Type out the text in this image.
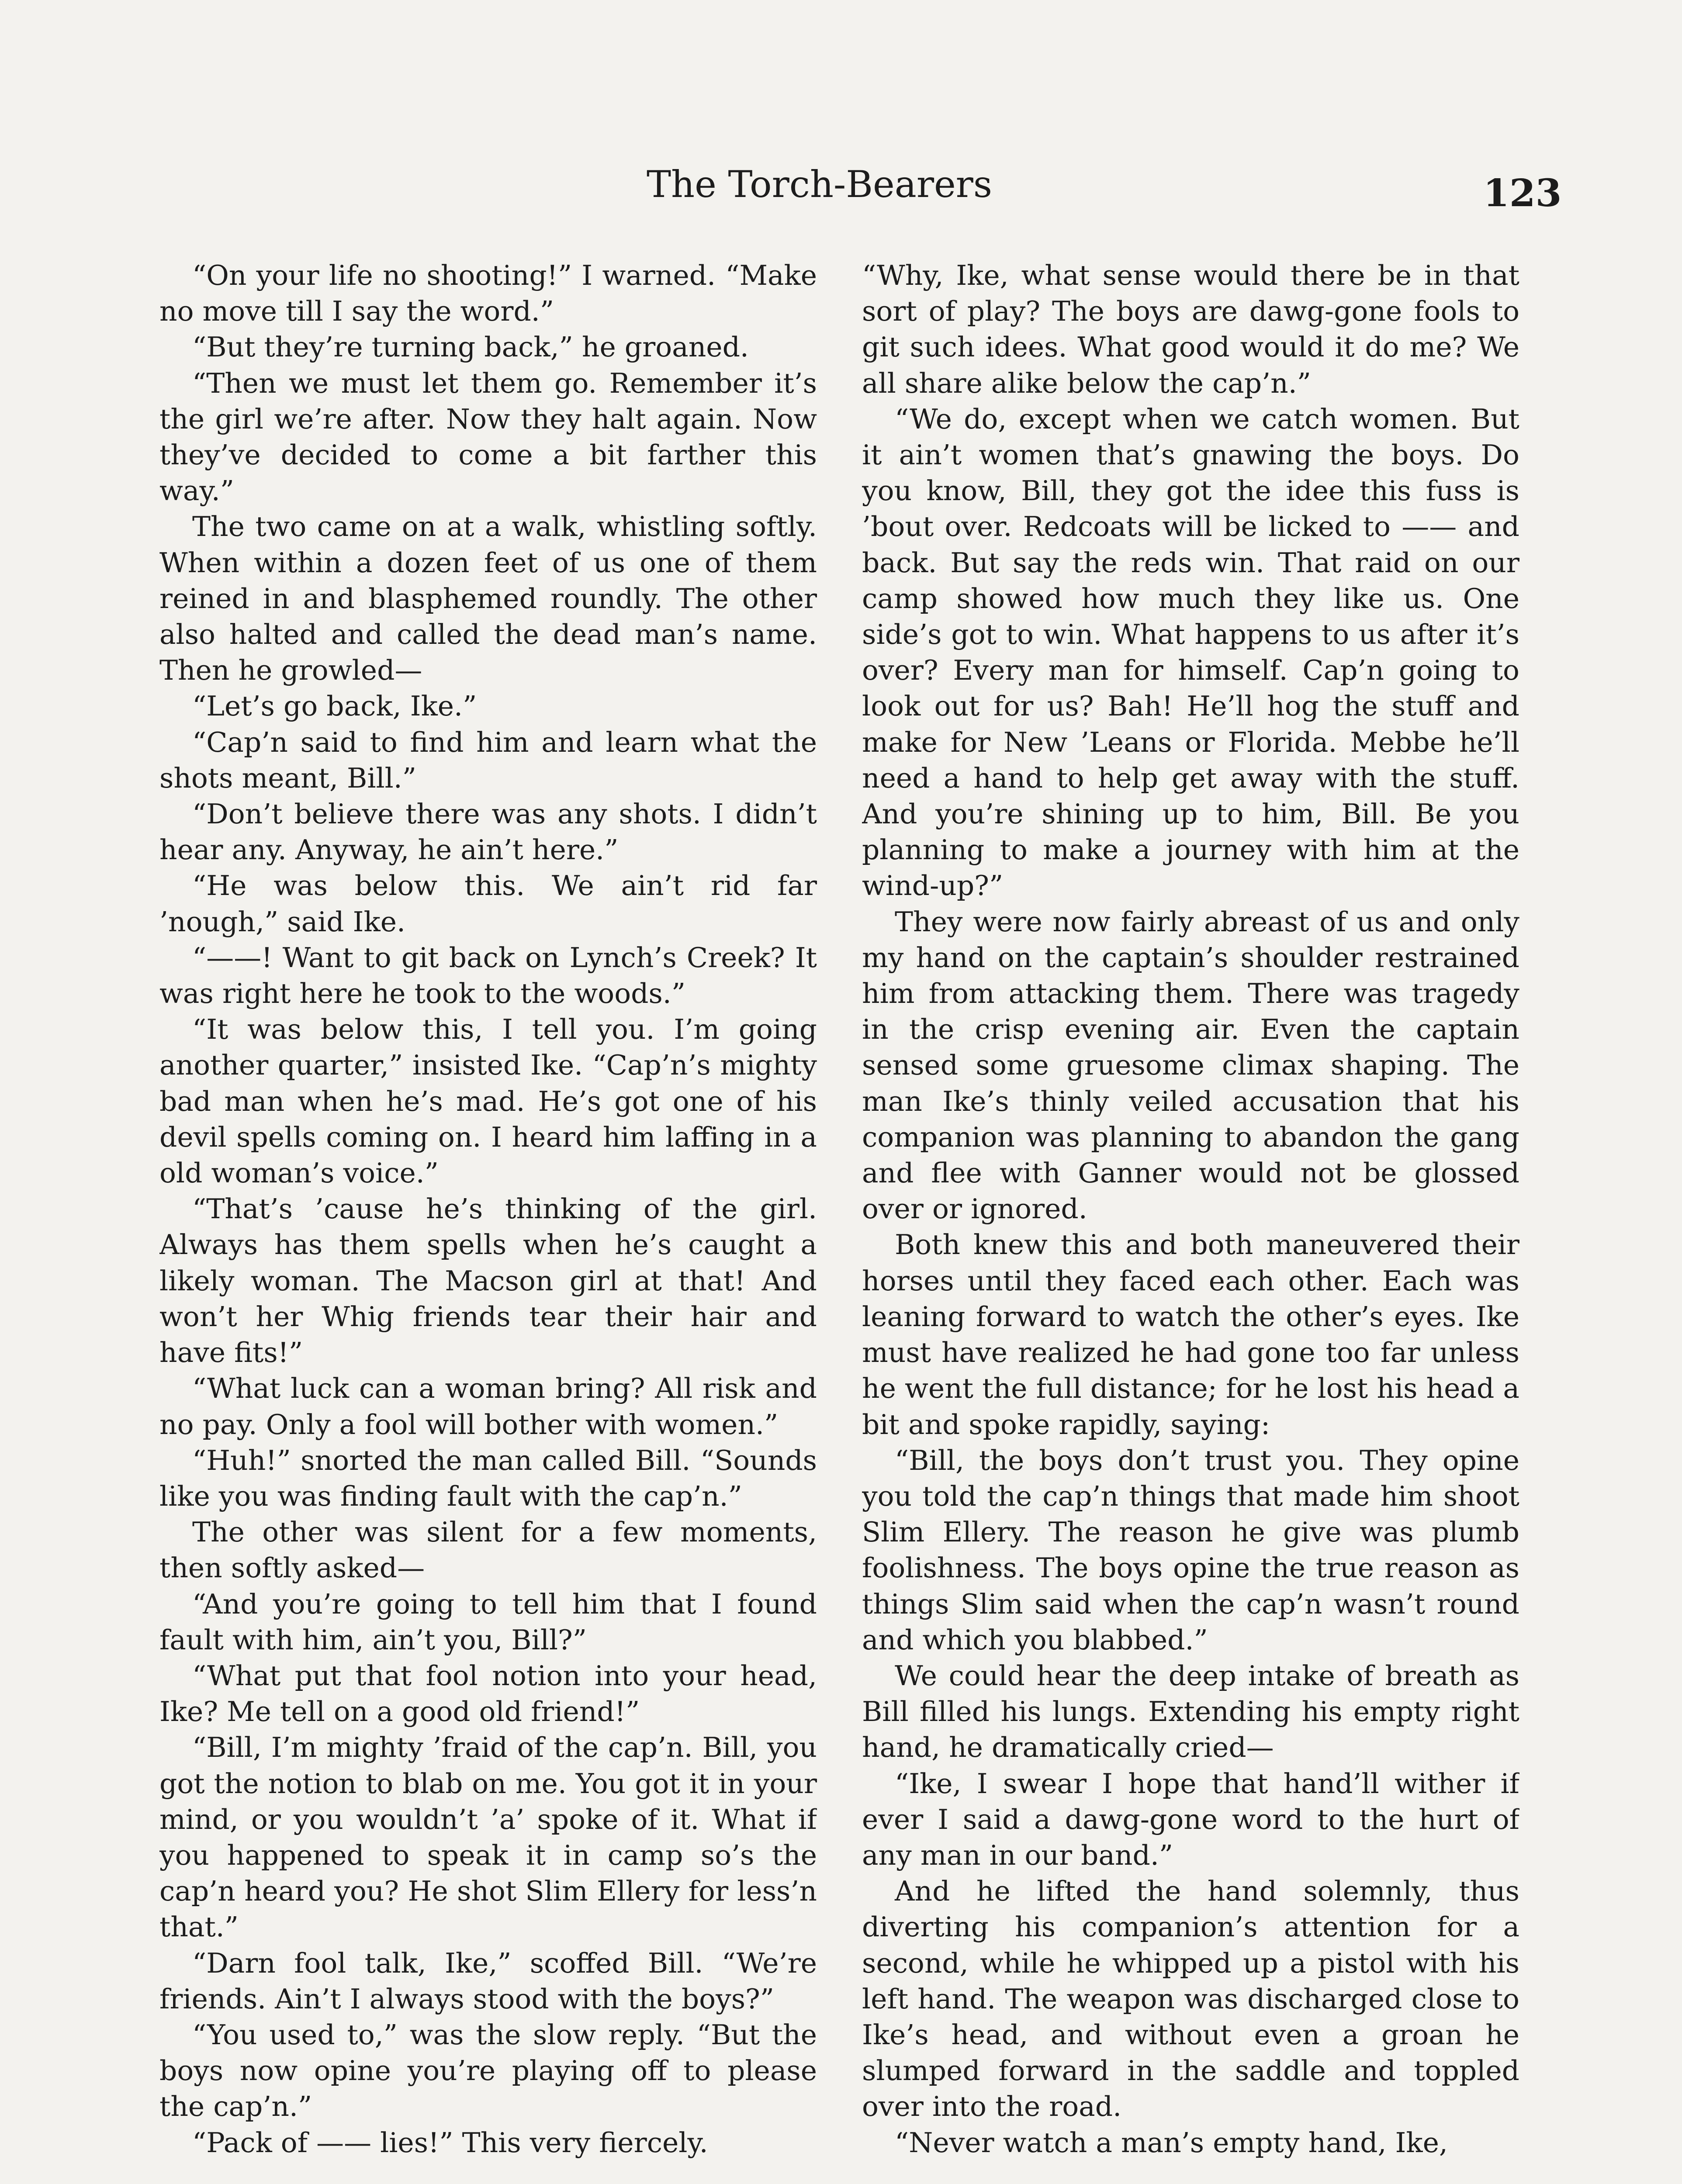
The Torch-Bearers	123

“On your life no shooting!” I warned. “Make no move till I say the word.”

“But they’re turning back,” he groaned.

“Then we must let them go. Remember it’s the girl we’re after. Now they halt again. Now they’ve decided to come a bit farther this way.”

The two came on at a walk, whistling softly. When within a dozen feet of us one of them reined in and blasphemed roundly. The other also halted and called the dead man’s name. Then he growled—

“Let’s go back, Ike.”

“Cap’n said to find him and learn what the shots meant, Bill.”

“Don’t believe there was any shots. I didn’t hear any. Anyway, he ain’t here.”

“He was below this. We ain’t rid far ’nough,” said Ike.

“——! Want to git back on Lynch’s Creek? It was right here he took to the woods.”

“It was below this, I tell you. I’m going another quarter,” insisted Ike. “Cap’n’s mighty bad man when he’s mad. He’s got one of his devil spells coming on. I heard him laffing in a old woman’s voice.”

“That’s ’cause he’s thinking of the girl. Always has them spells when he’s caught a likely woman. The Macson girl at that! And won’t her Whig friends tear their hair and have fits!”

“What luck can a woman bring? All risk and no pay. Only a fool will bother with women.”

“Huh!” snorted the man called Bill. “Sounds like you was finding fault with the cap’n.”

The other was silent for a few moments, then softly asked—

“And you’re going to tell him that I found fault with him, ain’t you, Bill?”

“What put that fool notion into your head, Ike? Me tell on a good old friend!”

“Bill, I’m mighty ’fraid of the cap’n. Bill, you got the notion to blab on me. You got it in your mind, or you wouldn’t ’a’ spoke of it. What if you happened to speak it in camp so’s the cap’n heard you? He shot Slim Ellery for less’n that.”

“Darn fool talk, Ike,” scoffed Bill. “We’re friends. Ain’t I always stood with the boys?”

“You used to,” was the slow reply. “But the boys now opine you’re playing off to please the cap’n.”

“Pack of —— lies!” This very fiercely.

“Why, Ike, what sense would there be in that sort of play? The boys are dawg-gone fools to git such idees. What good would it do me? We all share alike below the cap’n.”

“We do, except when we catch women. But it ain’t women that’s gnawing the boys. Do you know, Bill, they got the idee this fuss is ’bout over. Redcoats will be licked to —— and back. But say the reds win. That raid on our camp showed how much they like us. One side’s got to win. What happens to us after it’s over? Every man for himself. Cap’n going to look out for us? Bah! He’ll hog the stuff and make for New ’Leans or Florida. Mebbe he’ll need a hand to help get away with the stuff. And you’re shining up to him, Bill. Be you planning to make a journey with him at the wind-up?”

They were now fairly abreast of us and only my hand on the captain’s shoulder restrained him from attacking them. There was tragedy in the crisp evening air. Even the captain sensed some gruesome climax shaping. The man Ike’s thinly veiled accusation that his companion was planning to abandon the gang and flee with Ganner would not be glossed over or ignored.

Both knew this and both maneuvered their horses until they faced each other. Each was leaning forward to watch the other’s eyes. Ike must have realized he had gone too far unless he went the full distance; for he lost his head a bit and spoke rapidly, saying:

“Bill, the boys don’t trust you. They opine you told the cap’n things that made him shoot Slim Ellery. The reason he give was plumb foolishness. The boys opine the true reason as things Slim said when the cap’n wasn’t round and which you blabbed.”

We could hear the deep intake of breath as Bill filled his lungs. Extending his empty right hand, he dramatically cried—

“Ike, I swear I hope that hand’ll wither if ever I said a dawg-gone word to the hurt of any man in our band.”

And he lifted the hand solemnly, thus diverting his companion’s attention for a second, while he whipped up a pistol with his left hand. The weapon was discharged close to Ike’s head, and without even a groan he slumped forward in the saddle and toppled over into the road.

“Never watch a man’s empty hand, Ike,
